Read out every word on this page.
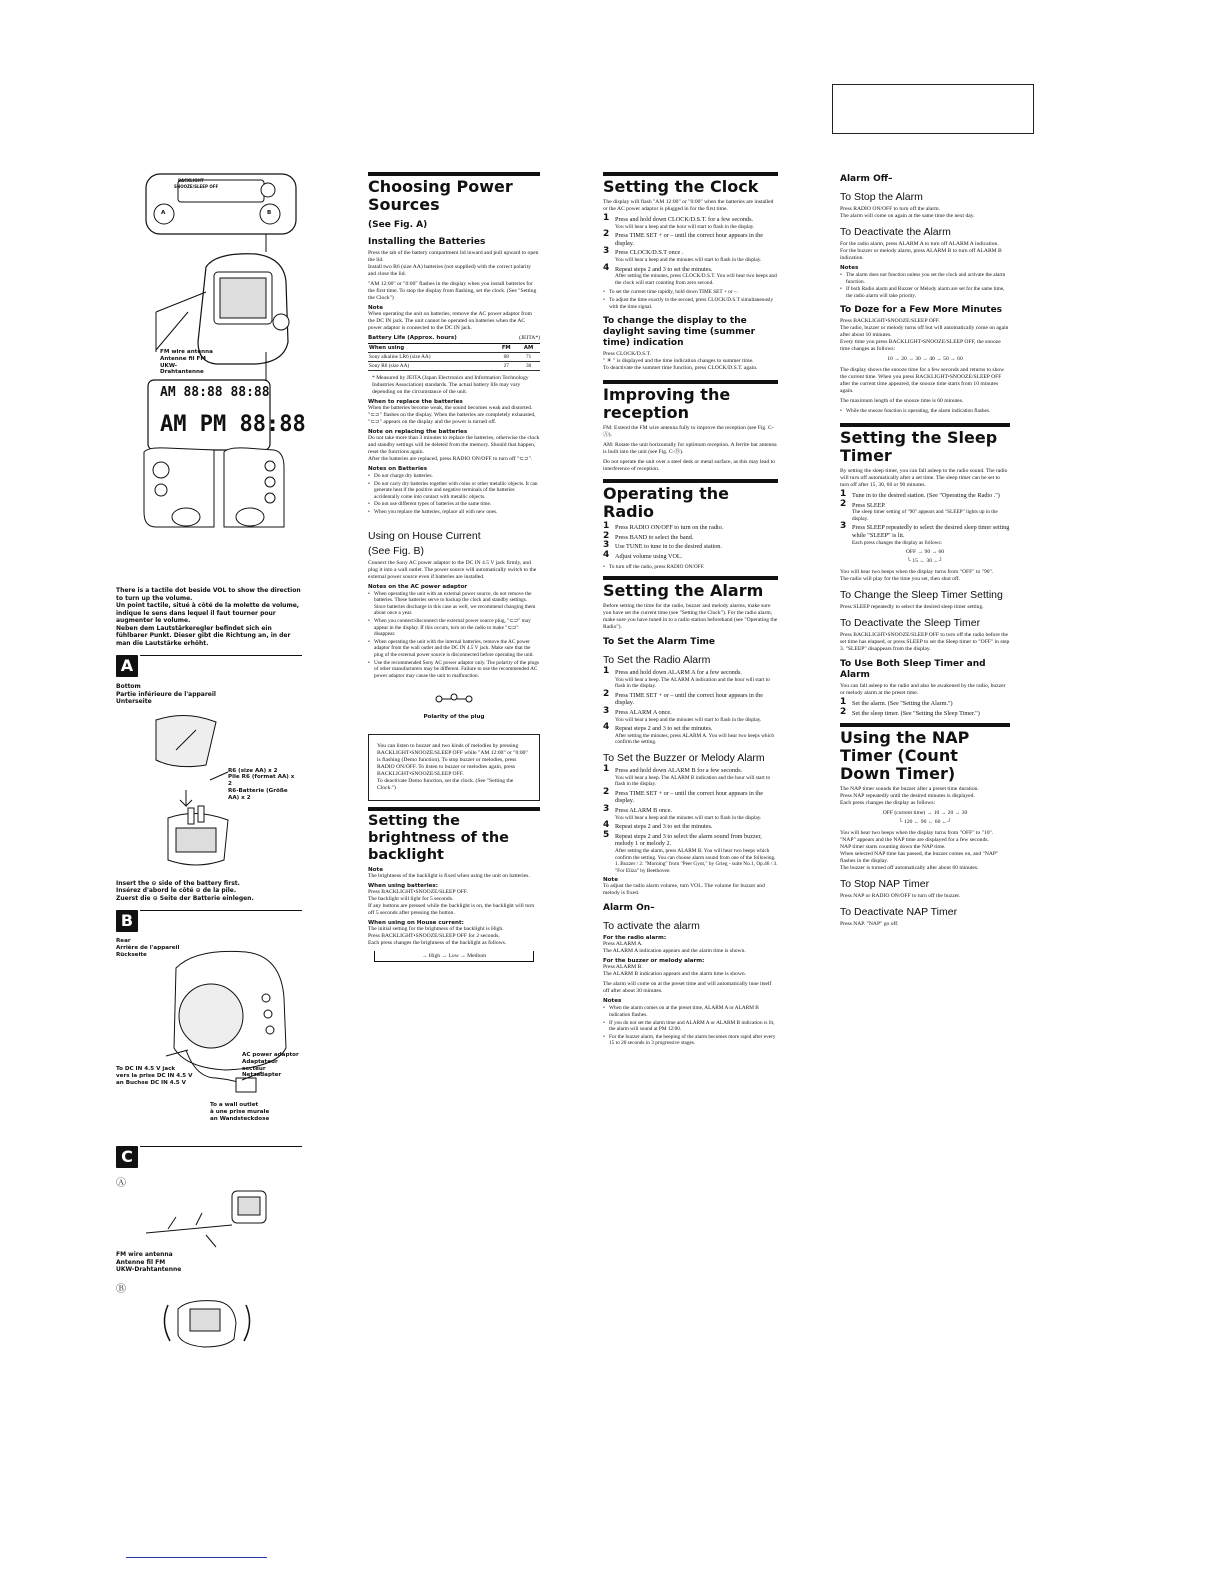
BACKLIGHT
SNOOZE/SLEEP OFF
A	B
FM wire antenna
Antenne fil FM
UKW-
Drahtantenne
AM 88:88 88:88
AM PM 88:88
There is a tactile dot beside VOL to show the direction to turn up the volume.
Un point tactile, situé à côté de la molette de volume, indique le sens dans lequel il faut tourner pour augmenter le volume.
Neben dem Lautstärkeregler befindet sich ein fühlbarer Punkt. Dieser gibt die Richtung an, in der man die Lautstärke erhöht.
A
Bottom
Partie inférieure de l'appareil
Unterseite
R6 (size AA) x 2
Pile R6 (format AA) x 2
R6-Batterie (Größe AA) x 2
Insert the ⊖ side of the battery first.
Insérez d'abord le côté ⊖ de la pile.
Zuerst die ⊖ Seite der Batterie einlegen.
B
Rear
Arrière de l'appareil
Rückseite
AC power adaptor
Adaptateur secteur
Netzadapter
To DC IN 4.5 V jack
vers la prise DC IN 4.5 V
an Buchse DC IN 4.5 V
To a wall outlet
à une prise murale
an Wandsteckdose
C
Ⓐ
FM wire antenna
Antenne fil FM
UKW-Drahtantenne
Ⓑ
Choosing Power Sources
(See Fig. A)
Installing the Batteries

Press the tab of the battery compartment lid inward and pull upward to open the lid.
Install two R6 (size AA) batteries (not supplied) with the correct polarity and close the lid.

"AM 12:00" or "0:00" flashes in the display when you install batteries for the first time. To stop the display from flashing, set the clock. (See "Setting the Clock")

Note

When operating the unit on batteries, remove the AC power adaptor from the DC IN jack. The unit cannot be operated on batteries when the AC power adaptor is connected to the DC IN jack.

Battery Life (Approx. hours)	(JEITA*)
When using	FM	AM
Sony alkaline LR6 (size AA)	68	71
Sony R6 (size AA)	27	30

* Measured by JEITA (Japan Electronics and Information Technology Industries Association) standards. The actual battery life may vary depending on the circumstance of the unit.

When to replace the batteries

When the batteries become weak, the sound becomes weak and distorted. "⊂⊃" flashes on the display. When the batteries are completely exhausted, "⊂⊃" appears on the display and the power is turned off.

Note on replacing the batteries

Do not take more than 3 minutes to replace the batteries, otherwise the clock and standby settings will be deleted from the memory. Should that happen, reset the functions again.
After the batteries are replaced, press RADIO ON/OFF to turn off "⊂⊃".

Notes on Batteries
• Do not charge dry batteries.
• Do not carry dry batteries together with coins or other metallic objects. It can generate heat if the positive and negative terminals of the batteries accidentally come into contact with metallic objects.
• Do not use different types of batteries at the same time.
• When you replace the batteries, replace all with new ones.
Using on House Current
(See Fig. B)

Connect the Sony AC power adaptor to the DC IN 4.5 V jack firmly, and plug it into a wall outlet. The power source will automatically switch to the external power source even if batteries are installed.

Notes on the AC power adaptor
• When operating the unit with an external power source, do not remove the batteries. These batteries serve to backup the clock and standby settings. Since batteries discharge in this case as well, we recommend changing them about once a year.
• When you connect/disconnect the external power source plug, "⊂⊃" may appear in the display. If this occurs, turn on the radio to make "⊂⊃" disappear.
• When operating the unit with the internal batteries, remove the AC power adaptor from the wall outlet and the DC IN 4.5 V jack. Make sure that the plug of the external power source is disconnected before operating the unit.
• Use the recommended Sony AC power adaptor only. The polarity of the plugs of other manufacturers may be different. Failure to use the recommended AC power adaptor may cause the unit to malfunction.
Polarity of the plug

You can listen to buzzer and two kinds of melodies by pressing BACKLIGHT•SNOOZE/SLEEP OFF while "AM 12:00" or "0:00" is flashing (Demo function). To stop buzzer or melodies, press RADIO ON/OFF. To listen to buzzer or melodies again, press BACKLIGHT•SNOOZE/SLEEP OFF.
To deactivate Demo function, set the clock. (See "Setting the Clock.")

Setting the brightness of the backlight
Note

The brightness of the backlight is fixed when using the unit on batteries.

When using batteries:

Press BACKLIGHT•SNOOZE/SLEEP OFF.
The backlight will light for 5 seconds.
If any buttons are pressed while the backlight is on, the backlight will turn off 5 seconds after pressing the button.

When using on House current:

The initial setting for the brightness of the backlight is High.
Press BACKLIGHT•SNOOZE/SLEEP OFF for 2 seconds.
Each press changes the brightness of the backlight as follows.

→ High → Low → Medium
Setting the Clock

The display will flash "AM 12:00" or "0:00" when the batteries are installed or the AC power adaptor is plugged in for the first time.

1 Press and hold down CLOCK/D.S.T. for a few seconds.
You will hear a beep and the hour will start to flash in the display.
2 Press TIME SET + or – until the correct hour appears in the display.
3 Press CLOCK/D.S.T once .
You will hear a beep and the minutes will start to flash in the display.
4 Repeat steps 2 and 3 to set the minutes.
After setting the minutes, press CLOCK/D.S.T. You will hear two beeps and the clock will start counting from zero second.
• To set the current time rapidly, hold down TIME SET + or –.
• To adjust the time exactly to the second, press CLOCK/D.S.T simultaneously with the time signal.
To change the display to the daylight saving time (summer time) indication

Press CLOCK/D.S.T.
" ☀ " is displayed and the time indication changes to summer time.
To deactivate the summer time function, press CLOCK/D.S.T. again.

Improving the reception

FM: Extend the FM wire antenna fully to improve the reception (see Fig. C-Ⓐ).

AM: Rotate the unit horizontally for optimum reception. A ferrite bar antenna is built into the unit (see Fig. C-Ⓑ).

Do not operate the unit over a steel desk or metal surface, as this may lead to interference of reception.

Operating the Radio
1 Press RADIO ON/OFF to turn on the radio.
2 Press BAND to select the band.
3 Use TUNE to tune in to the desired station.
4 Adjust volume using VOL.
• To turn off the radio, press RADIO ON/OFF.
Setting the Alarm

Before setting the time for the radio, buzzer and melody alarms, make sure you have set the current time (see "Setting the Clock"). For the radio alarm, make sure you have tuned in to a radio station beforehand (see "Operating the Radio").

To Set the Alarm Time
To Set the Radio Alarm
1 Press and hold down ALARM A for a few seconds.
You will hear a beep. The ALARM A indication and the hour will start to flash in the display.
2 Press TIME SET + or – until the correct hour appears in the display.
3 Press ALARM A once.
You will hear a beep and the minutes will start to flash in the display.
4 Repeat steps 2 and 3 to set the minutes.
After setting the minutes, press ALARM A. You will hear two beeps which confirm the setting.
To Set the Buzzer or Melody Alarm
1 Press and hold down ALARM B for a few seconds.
You will hear a beep. The ALARM B indication and the hour will start to flash in the display.
2 Press TIME SET + or – until the correct hour appears in the display.
3 Press ALARM B once.
You will hear a beep and the minutes will start to flash in the display.
4 Repeat steps 2 and 3 to set the minutes.
5 Repeat steps 2 and 3 to select the alarm sound from buzzer, melody 1 or melody 2.
After setting the alarm, press ALARM B. You will hear two beeps which confirm the setting. You can choose alarm sound from one of the following. 1. Buzzer / 2. "Morning" from "Peer Gynt," by Grieg - suite No.1, Op.46 / 3. "For Eliza" by Beethoven
Note

To adjust the radio alarm volume, turn VOL. The volume for buzzer and melody is fixed.

Alarm On–
To activate the alarm
For the radio alarm:

Press ALARM A.
The ALARM A indication appears and the alarm time is shown.

For the buzzer or melody alarm:

Press ALARM B.
The ALARM B indication appears and the alarm time is shown.

The alarm will come on at the preset time and will automatically tune itself off after about 30 minutes.

Notes
• When the alarm comes on at the preset time, ALARM A or ALARM B indication flashes.
• If you do not set the alarm time and ALARM A or ALARM B indication is lit, the alarm will sound at PM 12:00.
• For the buzzer alarm, the beeping of the alarm becomes more rapid after every 15 to 20 seconds in 3 progressive stages.
Alarm Off–
To Stop the Alarm

Press RADIO ON/OFF to turn off the alarm.
The alarm will come on again at the same time the next day.

To Deactivate the Alarm

For the radio alarm, press ALARM A to turn off ALARM A indication.
For the buzzer or melody alarm, press ALARM B to turn off ALARM B indication.

Notes
• The alarm does not function unless you set the clock and activate the alarm function.
• If both Radio alarm and Buzzer or Melody alarm are set for the same time, the radio alarm will take priority.
To Doze for a Few More Minutes

Press BACKLIGHT•SNOOZE/SLEEP OFF.
The radio, buzzer or melody turns off but will automatically come on again after about 10 minutes.
Every time you press BACKLIGHT•SNOOZE/SLEEP OFF, the snooze time changes as follows:

10 → 20 → 30 → 40 → 50 → 60

The display shows the snooze time for a few seconds and returns to show the current time. When you press BACKLIGHT•SNOOZE/SLEEP OFF after the current time appeared, the snooze time starts from 10 minutes again.

The maximum length of the snooze time is 60 minutes.

• While the snooze function is operating, the alarm indication flashes.
Setting the Sleep Timer

By setting the sleep timer, you can fall asleep to the radio sound. The radio will turn off automatically after a set time. The sleep timer can be set to turn off after 15, 30, 60 or 90 minutes.

1 Tune in to the desired station. (See "Operating the Radio .")
2 Press SLEEP.
The sleep timer setting of "90" appears and "SLEEP" lights up in the display.
3 Press SLEEP repeatedly to select the desired sleep timer setting while "SLEEP" is lit.
Each press changes the display as follows:
OFF → 90 → 60
└ 15 ← 30 ←┘

You will hear two beeps when the display turns from "OFF" to "90".
The radio will play for the time you set, then shut off.

To Change the Sleep Timer Setting

Press SLEEP repeatedly to select the desired sleep timer setting.

To Deactivate the Sleep Timer

Press BACKLIGHT•SNOOZE/SLEEP OFF to turn off the radio before the set time has elapsed, or press SLEEP to set the Sleep timer to "OFF" in step 3. "SLEEP" disappears from the display.

To Use Both Sleep Timer and Alarm

You can fall asleep to the radio and also be awakened by the radio, buzzer or melody alarm at the preset time.

1 Set the alarm. (See "Setting the Alarm.")
2 Set the sleep timer. (See "Setting the Sleep Timer.")
Using the NAP Timer (Count Down Timer)

The NAP timer sounds the buzzer after a preset time duration.
Press NAP repeatedly until the desired minutes is displayed.
Each press changes the display as follows:

OFF (current time) → 10 → 20 → 30
└ 120 ← 90 ← 60 ←┘

You will hear two beeps when the display turns from "OFF" to "10".
"NAP" appears and the NAP time are displayed for a few seconds.
NAP timer starts counting down the NAP time.
When selected NAP time has passed, the buzzer comes on, and "NAP" flashes in the display.
The buzzer is turned off automatically after about 60 minutes.

To Stop NAP Timer

Press NAP or RADIO ON/OFF to turn off the buzzer.

To Deactivate NAP Timer

Press NAP. "NAP" go off.
